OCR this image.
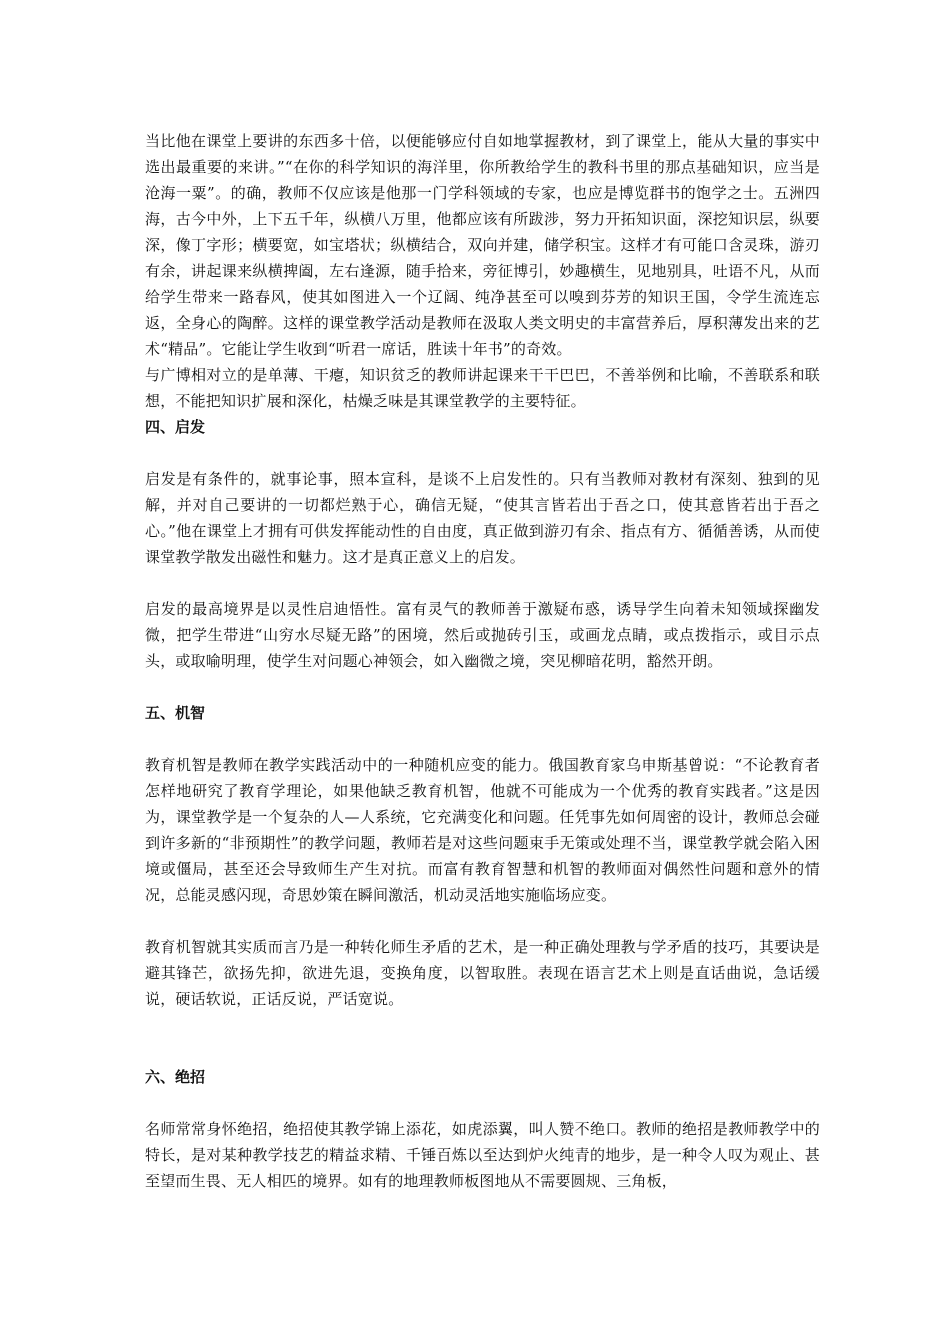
当比他在课堂上要讲的东西多十倍，以便能够应付自如地掌握教材，到了课堂上，能从大量的事实中选出最重要的来讲。”“在你的科学知识的海洋里，你所教给学生的教科书里的那点基础知识，应当是沧海一粟”。的确，教师不仅应该是他那一门学科领域的专家，也应是博览群书的饱学之士。五洲四海，古今中外，上下五千年，纵横八万里，他都应该有所跋涉，努力开拓知识面，深挖知识层，纵要深，像丁字形；横要宽，如宝塔状；纵横结合，双向并建，储学积宝。这样才有可能口含灵珠，游刃有余，讲起课来纵横捭阖，左右逢源，随手拾来，旁征博引，妙趣横生，见地别具，吐语不凡，从而给学生带来一路春风，使其如图进入一个辽阔、纯净甚至可以嗅到芬芳的知识王国，令学生流连忘返，全身心的陶醉。这样的课堂教学活动是教师在汲取人类文明史的丰富营养后，厚积薄发出来的艺术“精品”。它能让学生收到“听君一席话，胜读十年书”的奇效。

与广博相对立的是单薄、干瘪，知识贫乏的教师讲起课来干干巴巴，不善举例和比喻，不善联系和联想，不能把知识扩展和深化，枯燥乏味是其课堂教学的主要特征。

四、启发

启发是有条件的，就事论事，照本宣科，是谈不上启发性的。只有当教师对教材有深刻、独到的见解，并对自己要讲的一切都烂熟于心，确信无疑，“使其言皆若出于吾之口，使其意皆若出于吾之心。”他在课堂上才拥有可供发挥能动性的自由度，真正做到游刃有余、指点有方、循循善诱，从而使课堂教学散发出磁性和魅力。这才是真正意义上的启发。

启发的最高境界是以灵性启迪悟性。富有灵气的教师善于激疑布惑，诱导学生向着未知领域探幽发微，把学生带进“山穷水尽疑无路”的困境，然后或抛砖引玉，或画龙点睛，或点拨指示，或目示点头，或取喻明理，使学生对问题心神领会，如入幽微之境，突见柳暗花明，豁然开朗。

五、机智

教育机智是教师在教学实践活动中的一种随机应变的能力。俄国教育家乌申斯基曾说：“不论教育者怎样地研究了教育学理论，如果他缺乏教育机智，他就不可能成为一个优秀的教育实践者。”这是因为，课堂教学是一个复杂的人—人系统，它充满变化和问题。任凭事先如何周密的设计，教师总会碰到许多新的“非预期性”的教学问题，教师若是对这些问题束手无策或处理不当，课堂教学就会陷入困境或僵局，甚至还会导致师生产生对抗。而富有教育智慧和机智的教师面对偶然性问题和意外的情况，总能灵感闪现，奇思妙策在瞬间激活，机动灵活地实施临场应变。

教育机智就其实质而言乃是一种转化师生矛盾的艺术，是一种正确处理教与学矛盾的技巧，其要诀是避其锋芒，欲扬先抑，欲进先退，变换角度，以智取胜。表现在语言艺术上则是直话曲说，急话缓说，硬话软说，正话反说，严话宽说。

六、绝招

名师常常身怀绝招，绝招使其教学锦上添花，如虎添翼，叫人赞不绝口。教师的绝招是教师教学中的特长，是对某种教学技艺的精益求精、千锤百炼以至达到炉火纯青的地步，是一种令人叹为观止、甚至望而生畏、无人相匹的境界。如有的地理教师板图地从不需要圆规、三角板，
